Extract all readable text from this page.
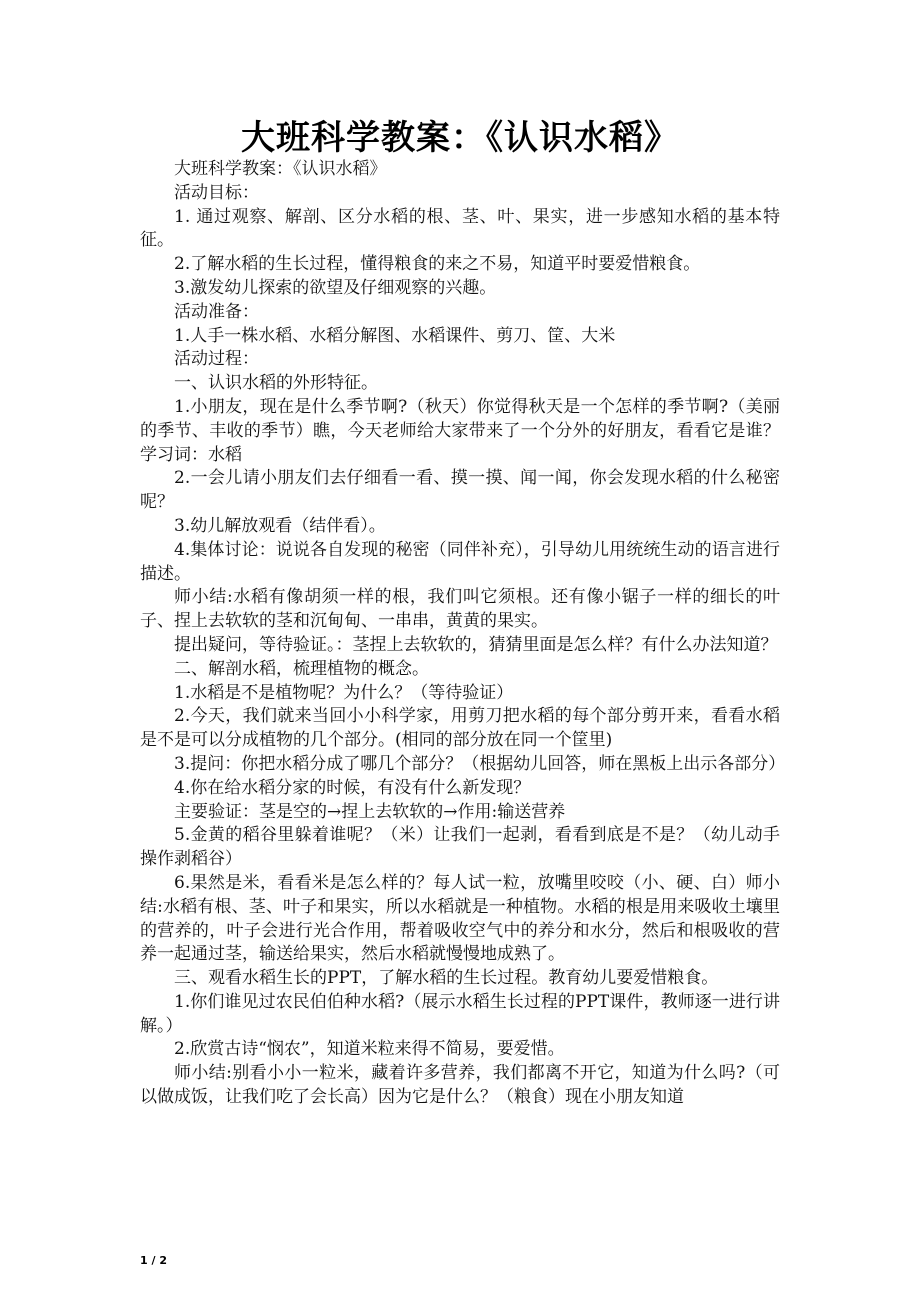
大班科学教案：《认识水稻》

大班科学教案：《认识水稻》

活动目标：

1. 通过观察、解剖、区分水稻的根、茎、叶、果实，进一步感知水稻的基本特征。

2.了解水稻的生长过程，懂得粮食的来之不易，知道平时要爱惜粮食。

3.激发幼儿探索的欲望及仔细观察的兴趣。

活动准备：

1.人手一株水稻、水稻分解图、水稻课件、剪刀、筐、大米

活动过程：

一、认识水稻的外形特征。

1.小朋友，现在是什么季节啊?（秋天）你觉得秋天是一个怎样的季节啊?（美丽的季节、丰收的季节）瞧，今天老师给大家带来了一个分外的好朋友，看看它是谁？学习词：水稻

2.一会儿请小朋友们去仔细看一看、摸一摸、闻一闻，你会发现水稻的什么秘密呢？

3.幼儿解放观看（结伴看）。

4.集体讨论：说说各自发现的秘密（同伴补充），引导幼儿用统统生动的语言进行描述。

师小结:水稻有像胡须一样的根，我们叫它须根。还有像小锯子一样的细长的叶子、捏上去软软的茎和沉甸甸、一串串，黄黄的果实。

提出疑问，等待验证。：茎捏上去软软的，猜猜里面是怎么样？有什么办法知道？

二、解剖水稻，梳理植物的概念。

1.水稻是不是植物呢？为什么？（等待验证）

2.今天，我们就来当回小小科学家，用剪刀把水稻的每个部分剪开来，看看水稻是不是可以分成植物的几个部分。(相同的部分放在同一个筐里)

3.提问：你把水稻分成了哪几个部分？（根据幼儿回答，师在黑板上出示各部分）

4.你在给水稻分家的时候，有没有什么新发现？

主要验证：茎是空的→捏上去软软的→作用:输送营养

5.金黄的稻谷里躲着谁呢？（米）让我们一起剥，看看到底是不是？（幼儿动手操作剥稻谷）

6.果然是米，看看米是怎么样的？每人试一粒，放嘴里咬咬（小、硬、白）师小结:水稻有根、茎、叶子和果实，所以水稻就是一种植物。水稻的根是用来吸收土壤里的营养的，叶子会进行光合作用，帮着吸收空气中的养分和水分，然后和根吸收的营养一起通过茎，输送给果实，然后水稻就慢慢地成熟了。

三、观看水稻生长的PPT，了解水稻的生长过程。教育幼儿要爱惜粮食。

1.你们谁见过农民伯伯种水稻?（展示水稻生长过程的PPT课件，教师逐一进行讲解。）

2.欣赏古诗“悯农”，知道米粒来得不简易，要爱惜。

师小结:别看小小一粒米，藏着许多营养，我们都离不开它，知道为什么吗?（可以做成饭，让我们吃了会长高）因为它是什么？（粮食）现在小朋友知道

1 / 2
